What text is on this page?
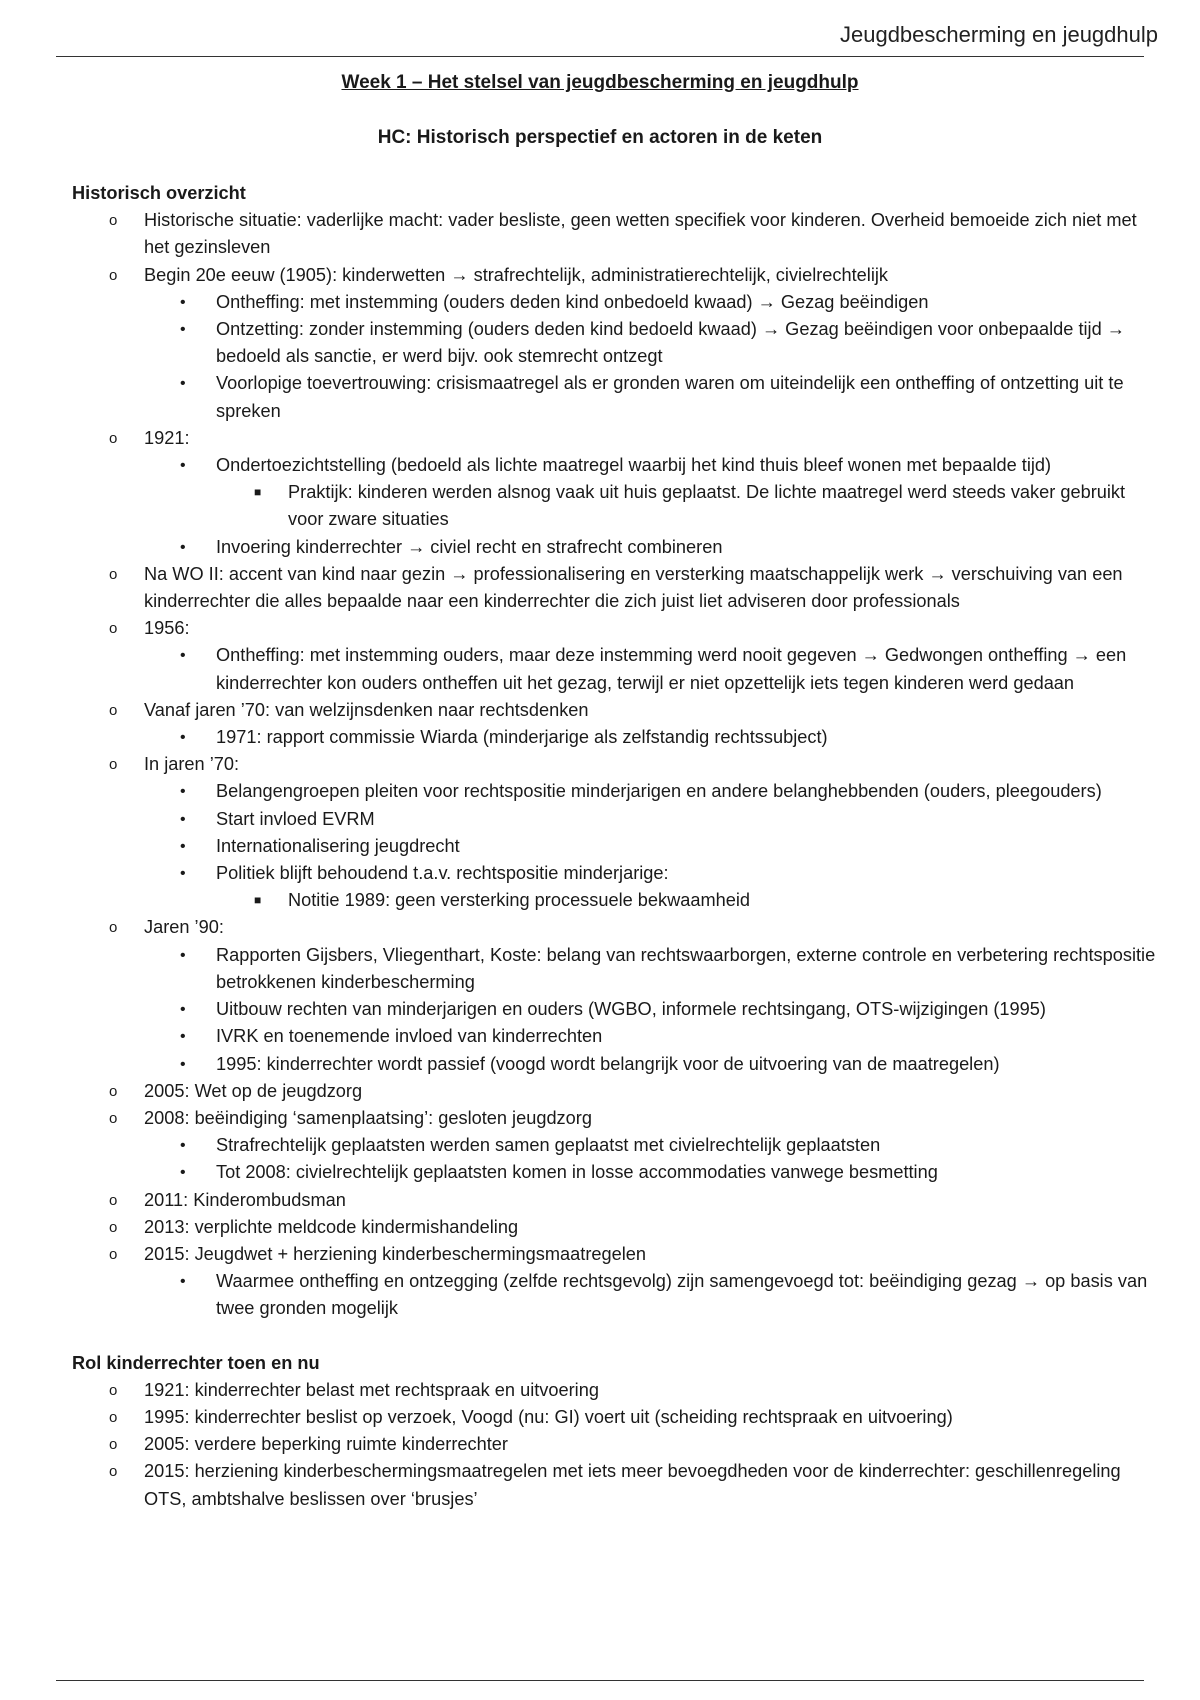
Jeugdbescherming en jeugdhulp
Week 1 – Het stelsel van jeugdbescherming en jeugdhulp
HC: Historisch perspectief en actoren in de keten
Historisch overzicht
o Historische situatie: vaderlijke macht: vader besliste, geen wetten specifiek voor kinderen. Overheid bemoeide zich niet met het gezinsleven
o Begin 20e eeuw (1905): kinderwetten → strafrechtelijk, administratierechtelijk, civielrechtelijk
• Ontheffing: met instemming (ouders deden kind onbedoeld kwaad) → Gezag beëindigen
• Ontzetting: zonder instemming (ouders deden kind bedoeld kwaad) → Gezag beëindigen voor onbepaalde tijd → bedoeld als sanctie, er werd bijv. ook stemrecht ontzegt
• Voorlopige toevertrouwing: crisismaatregel als er gronden waren om uiteindelijk een ontheffing of ontzetting uit te spreken
o 1921:
• Ondertoezichtstelling (bedoeld als lichte maatregel waarbij het kind thuis bleef wonen met bepaalde tijd)
■ Praktijk: kinderen werden alsnog vaak uit huis geplaatst. De lichte maatregel werd steeds vaker gebruikt voor zware situaties
• Invoering kinderrechter → civiel recht en strafrecht combineren
o Na WO II: accent van kind naar gezin → professionalisering en versterking maatschappelijk werk → verschuiving van een kinderrechter die alles bepaalde naar een kinderrechter die zich juist liet adviseren door professionals
o 1956:
• Ontheffing: met instemming ouders, maar deze instemming werd nooit gegeven → Gedwongen ontheffing → een kinderrechter kon ouders ontheffen uit het gezag, terwijl er niet opzettelijk iets tegen kinderen werd gedaan
o Vanaf jaren ’70: van welzijnsdenken naar rechtsdenken
• 1971: rapport commissie Wiarda (minderjarige als zelfstandig rechtssubject)
o In jaren ’70:
• Belangengroepen pleiten voor rechtspositie minderjarigen en andere belanghebbenden (ouders, pleegouders)
• Start invloed EVRM
• Internationalisering jeugdrecht
• Politiek blijft behoudend t.a.v. rechtspositie minderjarige:
■ Notitie 1989: geen versterking processuele bekwaamheid
o Jaren ’90:
• Rapporten Gijsbers, Vliegenthart, Koste: belang van rechtswaarborgen, externe controle en verbetering rechtspositie betrokkenen kinderbescherming
• Uitbouw rechten van minderjarigen en ouders (WGBO, informele rechtsingang, OTS-wijzigingen (1995)
• IVRK en toenemende invloed van kinderrechten
• 1995: kinderrechter wordt passief (voogd wordt belangrijk voor de uitvoering van de maatregelen)
o 2005: Wet op de jeugdzorg
o 2008: beëindiging ‘samenplaatsing’: gesloten jeugdzorg
• Strafrechtelijk geplaatsten werden samen geplaatst met civielrechtelijk geplaatsten
• Tot 2008: civielrechtelijk geplaatsten komen in losse accommodaties vanwege besmetting
o 2011: Kinderombudsman
o 2013: verplichte meldcode kindermishandeling
o 2015: Jeugdwet + herziening kinderbeschermingsmaatregelen
• Waarmee ontheffing en ontzegging (zelfde rechtsgevolg) zijn samengevoegd tot: beëindiging gezag → op basis van twee gronden mogelijk
Rol kinderrechter toen en nu
o 1921: kinderrechter belast met rechtspraak en uitvoering
o 1995: kinderrechter beslist op verzoek, Voogd (nu: GI) voert uit (scheiding rechtspraak en uitvoering)
o 2005: verdere beperking ruimte kinderrechter
o 2015: herziening kinderbeschermingsmaatregelen met iets meer bevoegdheden voor de kinderrechter: geschillenregeling OTS, ambtshalve beslissen over ‘brusjes’
